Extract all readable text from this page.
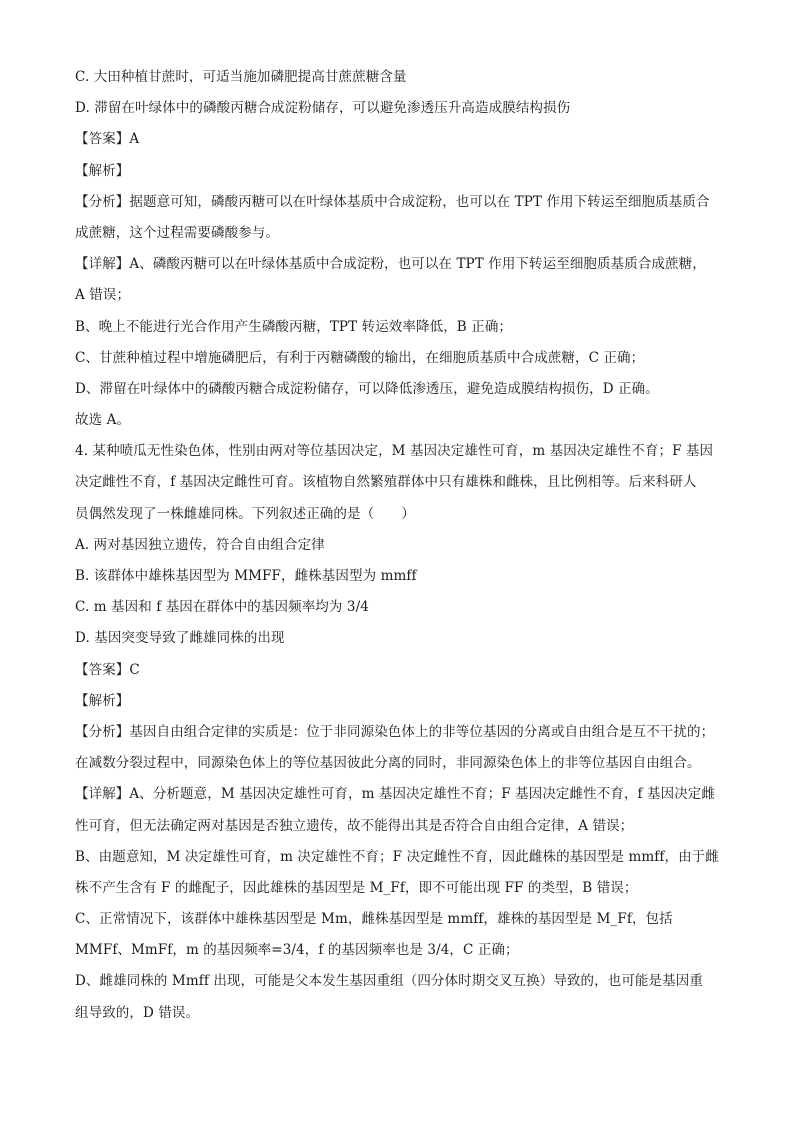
C. 大田种植甘蔗时，可适当施加磷肥提高甘蔗蔗糖含量
D. 滞留在叶绿体中的磷酸丙糖合成淀粉储存，可以避免渗透压升高造成膜结构损伤
【答案】A
【解析】
【分析】据题意可知，磷酸丙糖可以在叶绿体基质中合成淀粉，也可以在 TPT 作用下转运至细胞质基质合
成蔗糖，这个过程需要磷酸参与。
【详解】A、磷酸丙糖可以在叶绿体基质中合成淀粉，也可以在 TPT 作用下转运至细胞质基质合成蔗糖，
A 错误；
B、晚上不能进行光合作用产生磷酸丙糖，TPT 转运效率降低，B 正确；
C、甘蔗种植过程中增施磷肥后，有利于丙糖磷酸的输出，在细胞质基质中合成蔗糖，C 正确；
D、滞留在叶绿体中的磷酸丙糖合成淀粉储存，可以降低渗透压，避免造成膜结构损伤，D 正确。
故选 A。
4. 某种喷瓜无性染色体，性别由两对等位基因决定，M 基因决定雄性可育，m 基因决定雄性不育；F 基因
决定雌性不育，f 基因决定雌性可育。该植物自然繁殖群体中只有雄株和雌株，且比例相等。后来科研人
员偶然发现了一株雌雄同株。下列叙述正确的是（　　）
A. 两对基因独立遗传，符合自由组合定律
B. 该群体中雄株基因型为 MMFF，雌株基因型为 mmff
C. m 基因和 f 基因在群体中的基因频率均为 3/4
D. 基因突变导致了雌雄同株的出现
【答案】C
【解析】
【分析】基因自由组合定律的实质是：位于非同源染色体上的非等位基因的分离或自由组合是互不干扰的；
在减数分裂过程中，同源染色体上的等位基因彼此分离的同时，非同源染色体上的非等位基因自由组合。
【详解】A、分析题意，M 基因决定雄性可育，m 基因决定雄性不育；F 基因决定雌性不育，f 基因决定雌
性可育，但无法确定两对基因是否独立遗传，故不能得出其是否符合自由组合定律，A 错误；
B、由题意知，M 决定雄性可育，m 决定雄性不育；F 决定雌性不育，因此雌株的基因型是 mmff，由于雌
株不产生含有 F 的雌配子，因此雄株的基因型是 M_Ff，即不可能出现 FF 的类型，B 错误；
C、正常情况下，该群体中雄株基因型是 Mm，雌株基因型是 mmff，雄株的基因型是 M_Ff，包括
MMFf、MmFf，m 的基因频率=3/4，f 的基因频率也是 3/4，C 正确；
D、雌雄同株的 Mmff 出现，可能是父本发生基因重组（四分体时期交叉互换）导致的，也可能是基因重
组导致的，D 错误。
